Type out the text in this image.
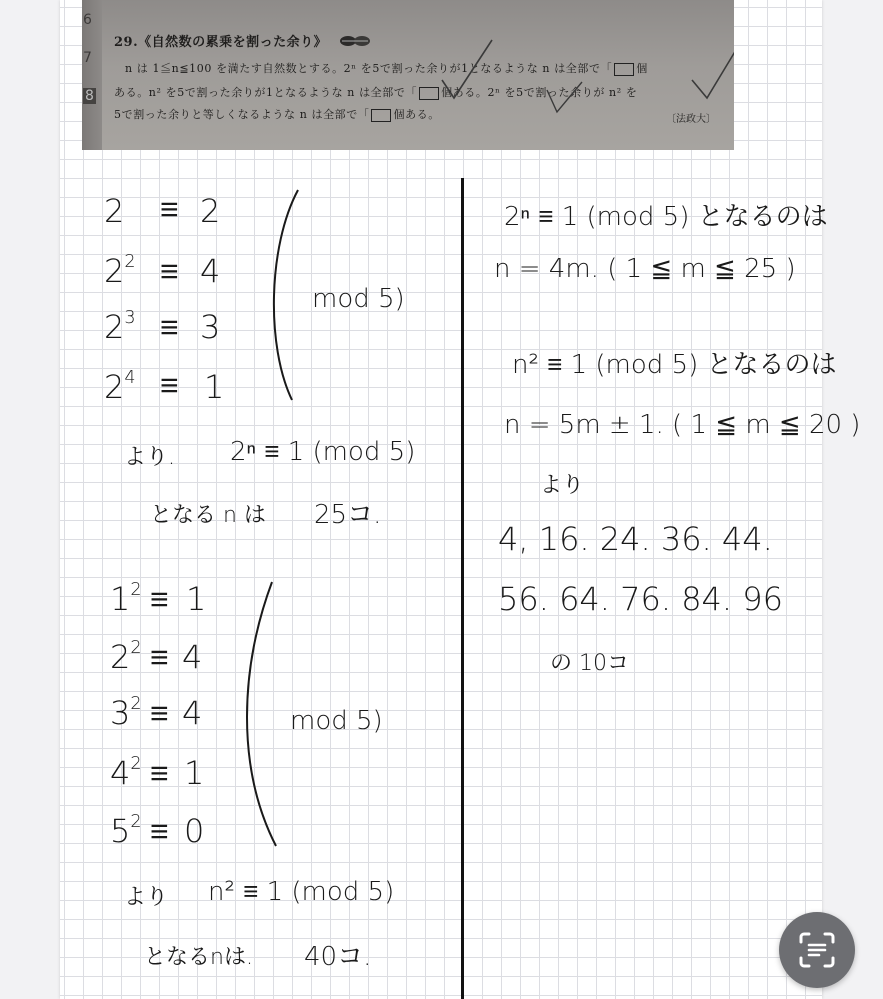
6
7
8
29.《自然数の累乗を割った余り》
n は 1≦n≦100 を満たす自然数とする。2ⁿ を5で割った余りが1となるような n は全部で「 個
ある。n² を5で割った余りが1となるような n は全部で「 個ある。2ⁿ を5で割った余りが n² を
5で割った余りと等しくなるような n は全部で「 個ある。	〔法政大〕
2 ≡ 2
$2^2 \equiv 4$
$2^3 \equiv 3$
$2^4 \equiv 1$
mod 5)
より. 2ⁿ ≡ 1 (mod 5)
となる n は 25コ.
$1^2 \equiv 1$
$2^2 \equiv 4$
$3^2 \equiv 4$
$4^2 \equiv 1$
$5^2 \equiv 0$
mod 5)
より n² ≡ 1 (mod 5)
となるnは. 40コ.
2ⁿ ≡ 1 (mod 5) となるのは
n = 4m. ( 1 ≦ m ≦ 25 )
n² ≡ 1 (mod 5) となるのは
n = 5m ± 1. ( 1 ≦ m ≦ 20 )
より
4, 16. 24. 36. 44.
56. 64. 76. 84. 96
の 10コ
